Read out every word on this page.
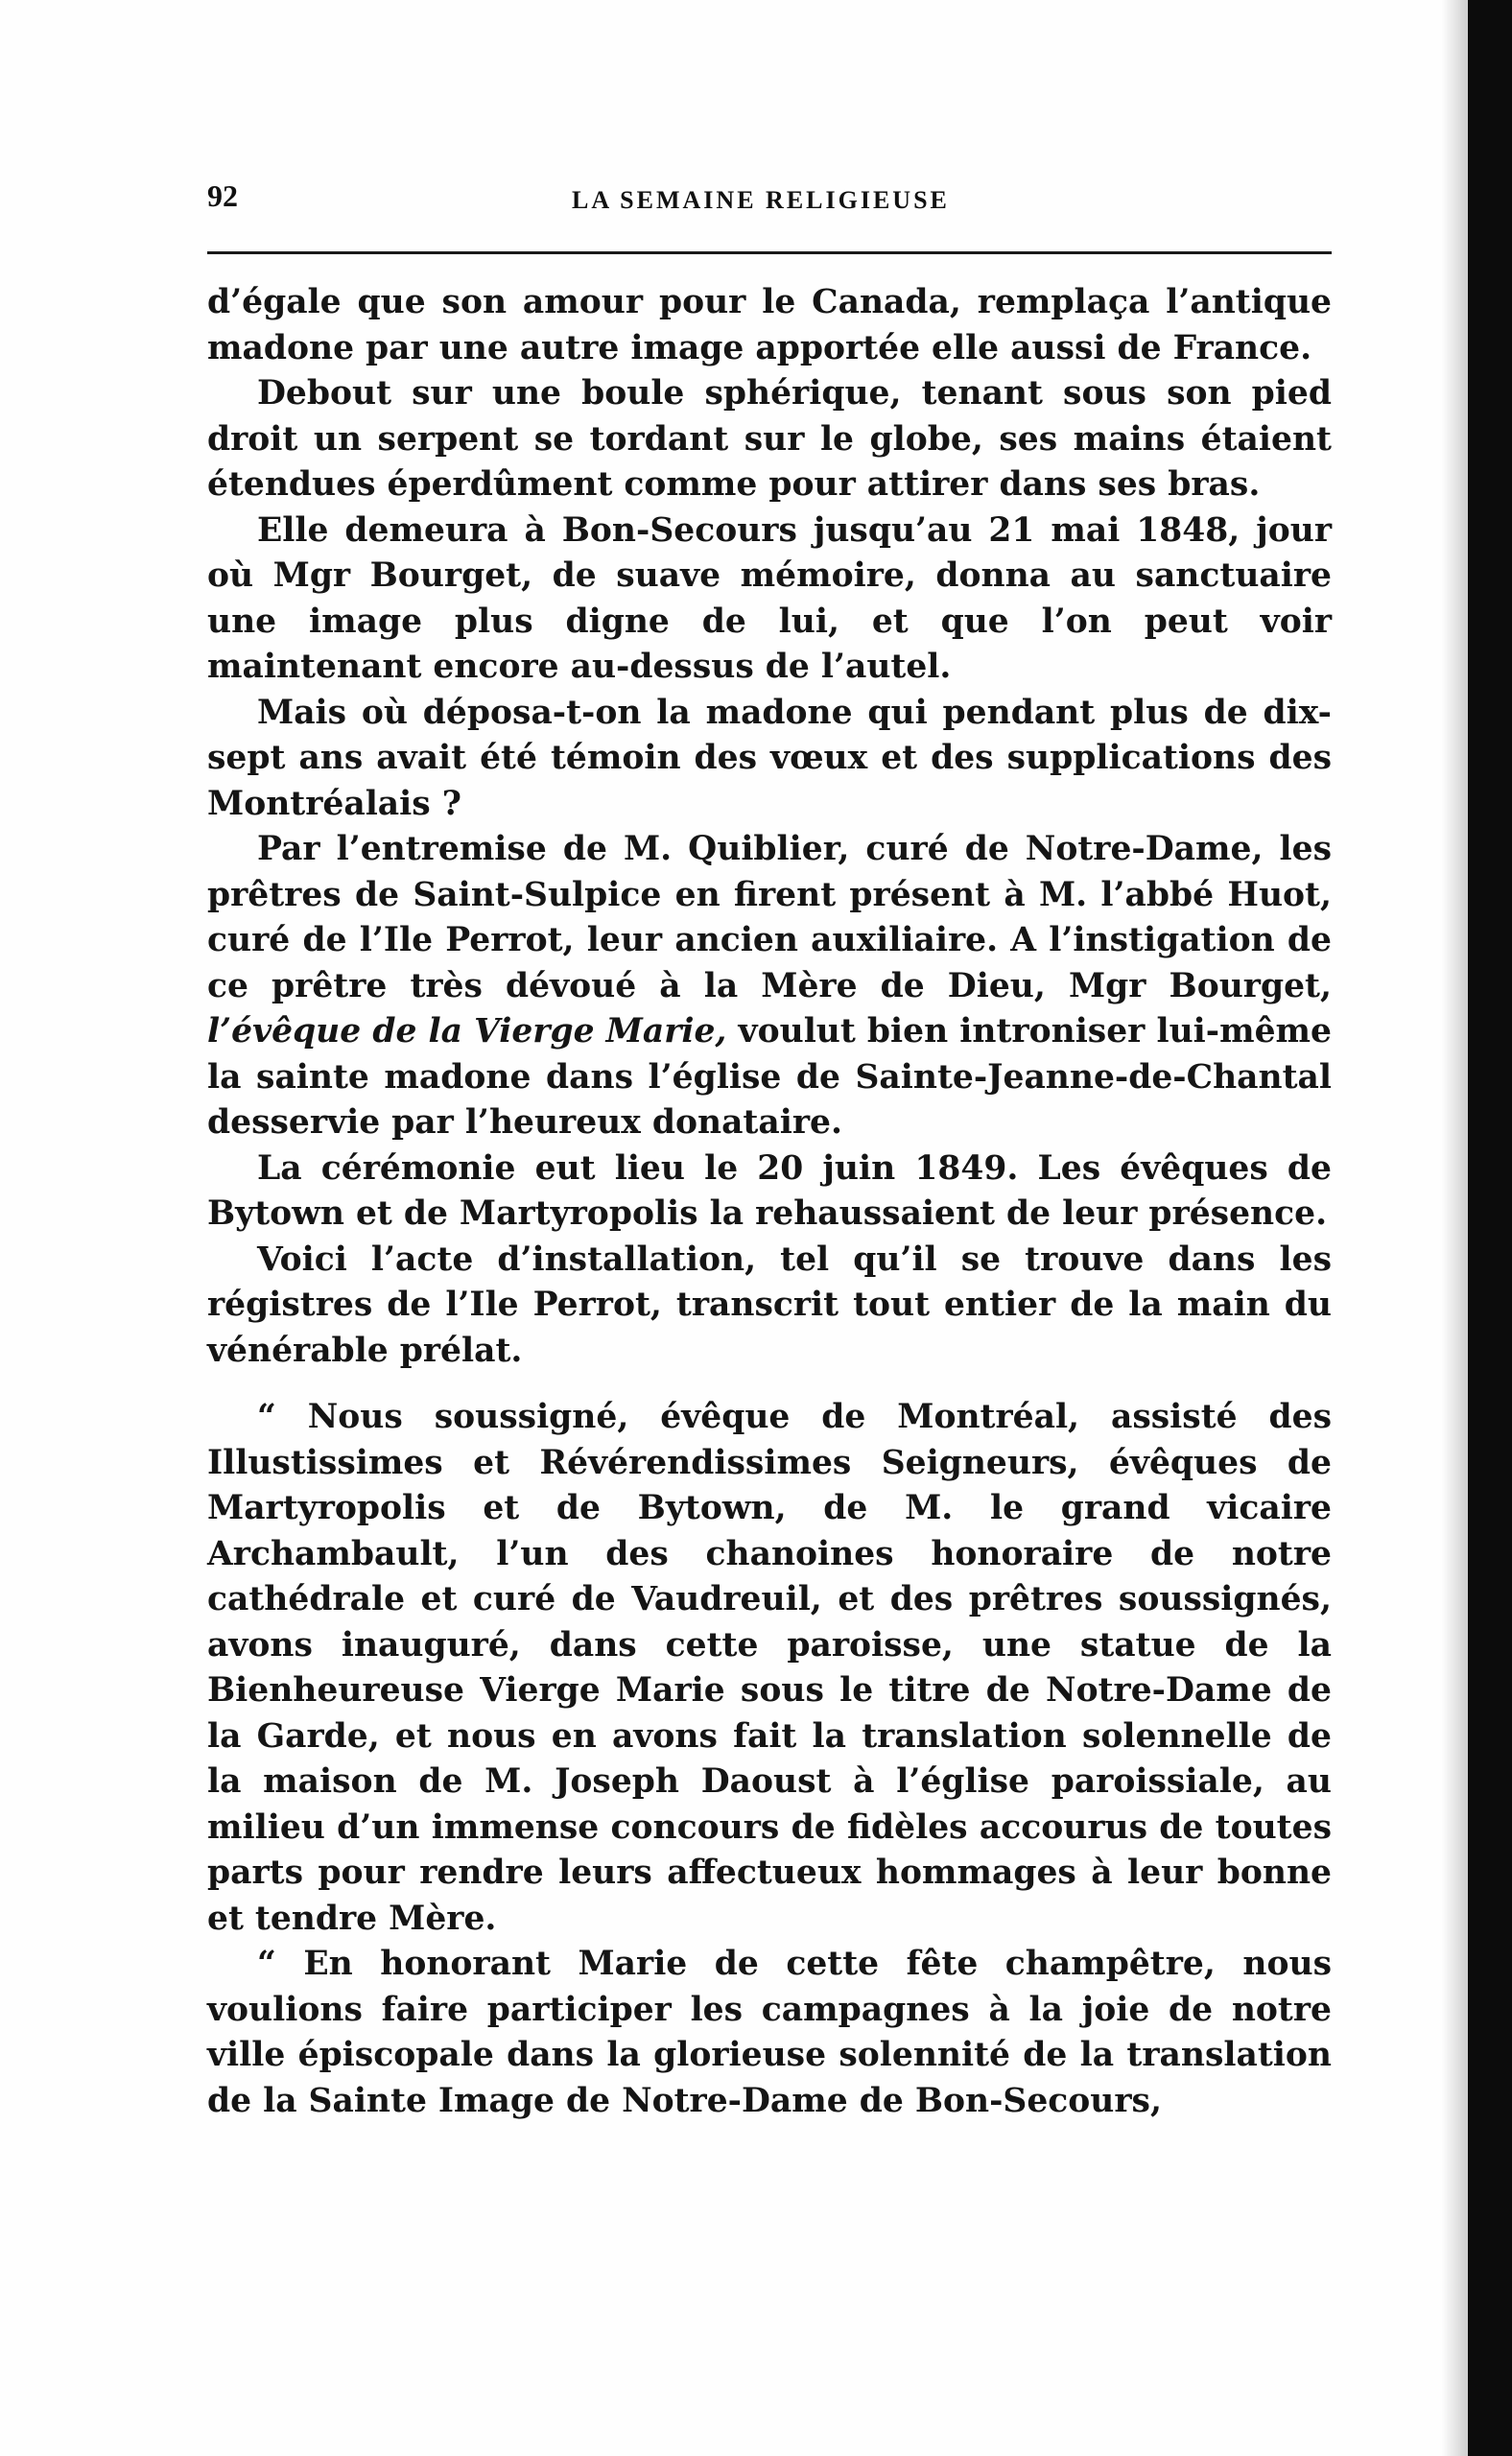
92	LA SEMAINE RELIGIEUSE

d’égale que son amour pour le Canada, remplaça l’antique madone par une autre image apportée elle aussi de France.

Debout sur une boule sphérique, tenant sous son pied droit un serpent se tordant sur le globe, ses mains étaient étendues éperdûment comme pour attirer dans ses bras.

Elle demeura à Bon-Secours jusqu’au 21 mai 1848, jour où Mgr Bourget, de suave mémoire, donna au sanctuaire une image plus digne de lui, et que l’on peut voir maintenant encore au-dessus de l’autel.

Mais où déposa-t-on la madone qui pendant plus de dix-sept ans avait été témoin des vœux et des supplications des Montréalais ?

Par l’entremise de M. Quiblier, curé de Notre-Dame, les prêtres de Saint-Sulpice en firent présent à M. l’abbé Huot, curé de l’Ile Perrot, leur ancien auxiliaire. A l’instigation de ce prêtre très dévoué à la Mère de Dieu, Mgr Bourget, l’évêque de la Vierge Marie, voulut bien introniser lui-même la sainte madone dans l’église de Sainte-Jeanne-de-Chantal desservie par l’heureux donataire.

La cérémonie eut lieu le 20 juin 1849. Les évêques de Bytown et de Martyropolis la rehaussaient de leur présence.

Voici l’acte d’installation, tel qu’il se trouve dans les régistres de l’Ile Perrot, transcrit tout entier de la main du vénérable prélat.

“ Nous soussigné, évêque de Montréal, assisté des Illustissimes et Révérendissimes Seigneurs, évêques de Martyropolis et de Bytown, de M. le grand vicaire Archambault, l’un des chanoines honoraire de notre cathédrale et curé de Vaudreuil, et des prêtres soussignés, avons inauguré, dans cette paroisse, une statue de la Bienheureuse Vierge Marie sous le titre de Notre-Dame de la Garde, et nous en avons fait la translation solennelle de la maison de M. Joseph Daoust à l’église paroissiale, au milieu d’un immense concours de fidèles accourus de toutes parts pour rendre leurs affectueux hommages à leur bonne et tendre Mère.

“ En honorant Marie de cette fête champêtre, nous voulions faire participer les campagnes à la joie de notre ville épiscopale dans la glorieuse solennité de la translation de la Sainte Image de Notre-Dame de Bon-Secours,
